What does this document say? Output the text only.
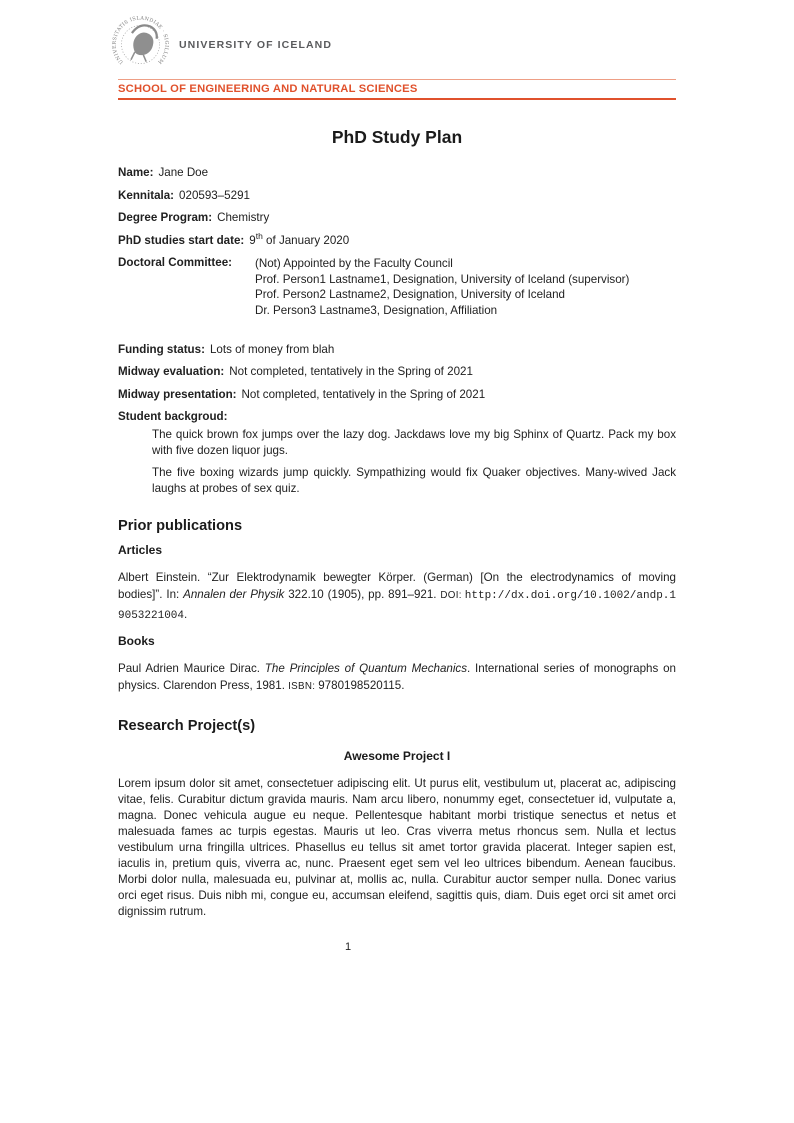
UNIVERSITATIS ISLANDIAE · SIGILLUM
UNIVERSITY OF ICELAND
SCHOOL OF ENGINEERING AND NATURAL SCIENCES
PhD Study Plan
Name: Jane Doe
Kennitala: 020593–5291
Degree Program: Chemistry
PhD studies start date: 9th of January 2020
Doctoral Committee:	(Not) Appointed by the Faculty Council
Prof. Person1 Lastname1, Designation, University of Iceland (supervisor)
Prof. Person2 Lastname2, Designation, University of Iceland
Dr. Person3 Lastname3, Designation, Affiliation
Funding status: Lots of money from blah
Midway evaluation: Not completed, tentatively in the Spring of 2021
Midway presentation: Not completed, tentatively in the Spring of 2021
Student backgroud:

The quick brown fox jumps over the lazy dog. Jackdaws love my big Sphinx of Quartz. Pack my box with five dozen liquor jugs.

The five boxing wizards jump quickly. Sympathizing would fix Quaker objectives. Many-wived Jack laughs at probes of sex quiz.

Prior publications
Articles

Albert Einstein. “Zur Elektrodynamik bewegter Körper. (German) [On the electrodynamics of moving bodies]”. In: Annalen der Physik 322.10 (1905), pp. 891–921. DOI: http://dx.doi.org/10.1002/andp.19053221004.

Books

Paul Adrien Maurice Dirac. The Principles of Quantum Mechanics. International series of monographs on physics. Clarendon Press, 1981. ISBN: 9780198520115.

Research Project(s)
Awesome Project I

Lorem ipsum dolor sit amet, consectetuer adipiscing elit. Ut purus elit, vestibulum ut, placerat ac, adipiscing vitae, felis. Curabitur dictum gravida mauris. Nam arcu libero, nonummy eget, consectetuer id, vulputate a, magna. Donec vehicula augue eu neque. Pellentesque habitant morbi tristique senectus et netus et malesuada fames ac turpis egestas. Mauris ut leo. Cras viverra metus rhoncus sem. Nulla et lectus vestibulum urna fringilla ultrices. Phasellus eu tellus sit amet tortor gravida placerat. Integer sapien est, iaculis in, pretium quis, viverra ac, nunc. Praesent eget sem vel leo ultrices bibendum. Aenean faucibus. Morbi dolor nulla, malesuada eu, pulvinar at, mollis ac, nulla. Curabitur auctor semper nulla. Donec varius orci eget risus. Duis nibh mi, congue eu, accumsan eleifend, sagittis quis, diam. Duis eget orci sit amet orci dignissim rutrum.

1
